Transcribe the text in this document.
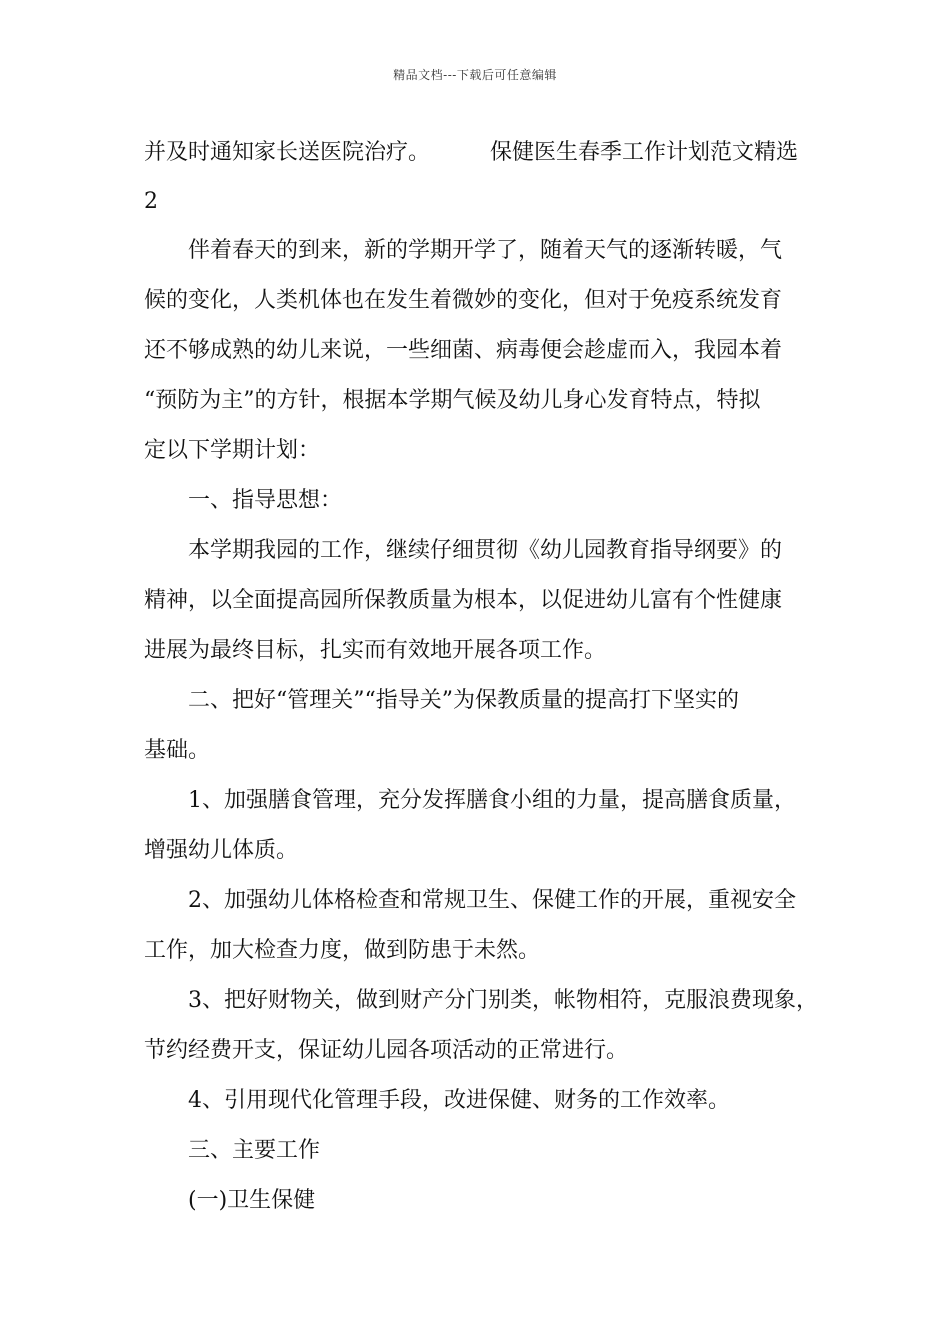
精品文档---下载后可任意编辑
并及时通知家长送医院治疗。	保健医生春季工作计划范文精选
2
伴着春天的到来，新的学期开学了，随着天气的逐渐转暖，气
候的变化，人类机体也在发生着微妙的变化，但对于免疫系统发育
还不够成熟的幼儿来说，一些细菌、病毒便会趁虚而入，我园本着
“预防为主”的方针，根据本学期气候及幼儿身心发育特点，特拟
定以下学期计划：
一、指导思想：
本学期我园的工作，继续仔细贯彻《幼儿园教育指导纲要》的
精神，以全面提高园所保教质量为根本，以促进幼儿富有个性健康
进展为最终目标，扎实而有效地开展各项工作。
二、把好“管理关”“指导关”为保教质量的提高打下坚实的
基础。
1、加强膳食管理，充分发挥膳食小组的力量，提高膳食质量，
增强幼儿体质。
2、加强幼儿体格检查和常规卫生、保健工作的开展，重视安全
工作，加大检查力度，做到防患于未然。
3、把好财物关，做到财产分门别类，帐物相符，克服浪费现象，
节约经费开支，保证幼儿园各项活动的正常进行。
4、引用现代化管理手段，改进保健、财务的工作效率。
三、主要工作
(一)卫生保健
